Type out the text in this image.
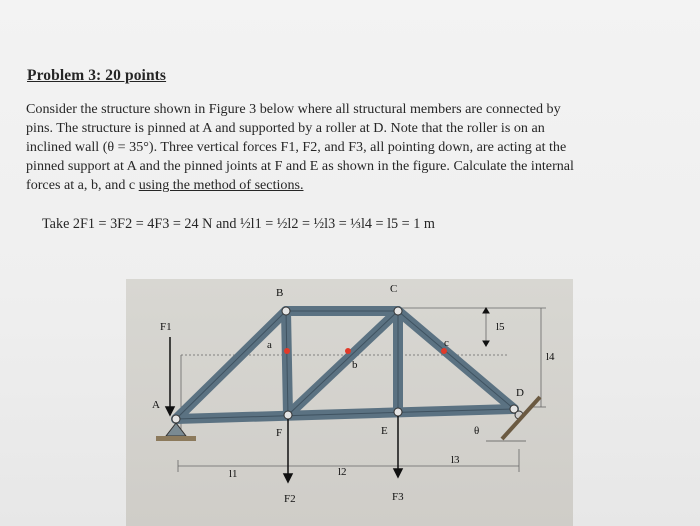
Problem 3: 20 points
Consider the structure shown in Figure 3 below where all structural members are connected by
pins. The structure is pinned at A and supported by a roller at D. Note that the roller is on an
inclined wall (θ = 35°). Three vertical forces F1, F2, and F3, all pointing down, are acting at the
pinned support at A and the pinned joints at F and E as shown in the figure. Calculate the internal
forces at a, b, and c using the method of sections.
Take 2F1 = 3F2 = 4F3 = 24 N and ½l1 = ½l2 = ½l3 = ⅓l4 = l5 = 1 m
B	C
A
D
E
F
a
b
c
F1
F2	F3
l1	l2
l3
l4
l5
θ
